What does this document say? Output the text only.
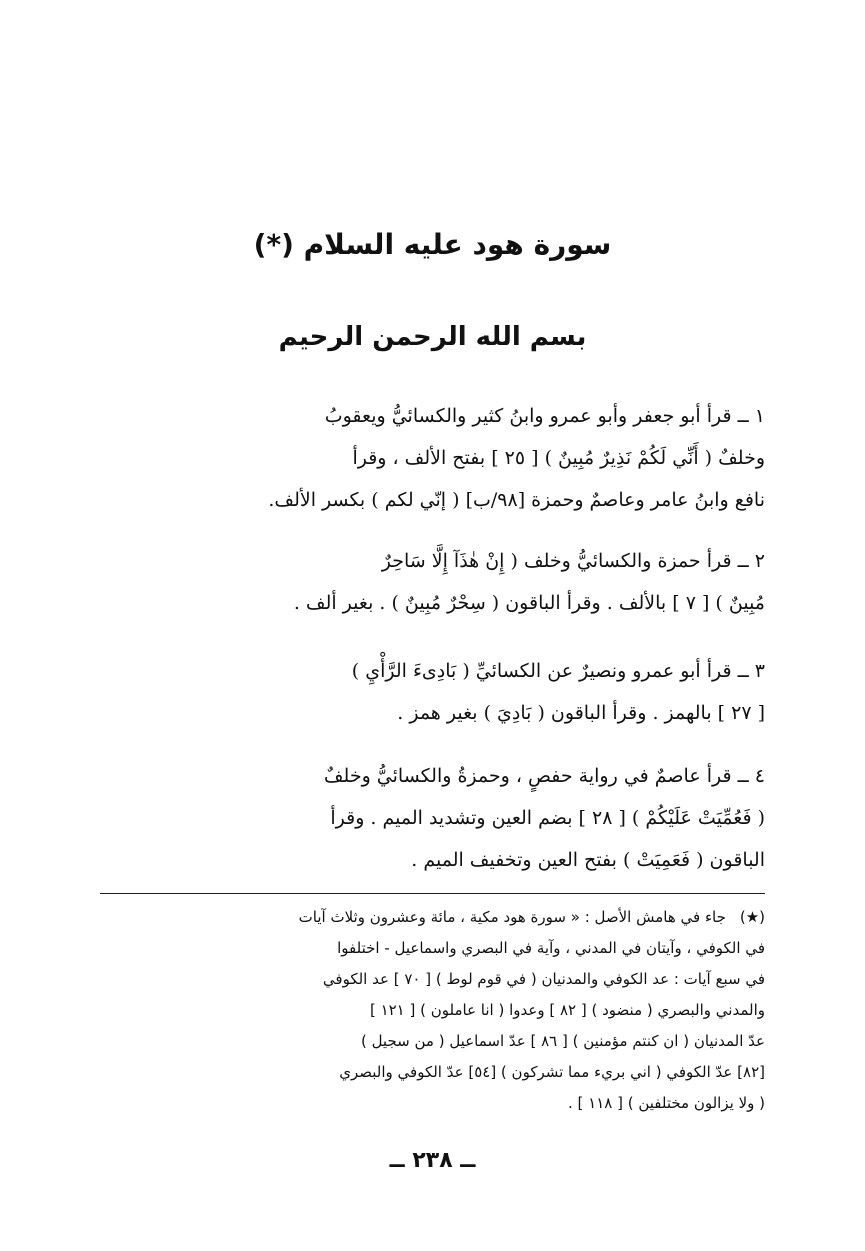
سورة هود عليه السلام (*)
بسم الله الرحمن الرحيم
١ ــ قرأ أبو جعفر وأبو عمرو وابنُ كثير والكسائيُّ ويعقوبُ
وخلفٌ ( أَنِّي لَكُمْ نَذِيرٌ مُبِينٌ ) [ ٢٥ ] بفتح الألف ، وقرأ
نافع وابنُ عامر وعاصمٌ وحمزة [٩٨/ب] ( إنّي لكم ) بكسر الألف.
٢ ــ قرأ حمزة والكسائيُّ وخلف ( إِنْ هٰذَآ إِلَّا سَاحِرٌ
مُبِينٌ ) [ ٧ ] بالألف . وقرأ الباقون ( سِحْرٌ مُبِينٌ ) . بغير ألف .
٣ ــ قرأ أبو عمرو ونصيرٌ عن الكسائيِّ ( بَادِىءَ الرَّأْيِ )
[ ٢٧ ] بالهمز . وقرأ الباقون ( بَادِيَ ) بغير همز .
٤ ــ قرأ عاصمٌ في رواية حفصٍ ، وحمزةُ والكسائيُّ وخلفٌ
( فَعُمِّيَتْ عَلَيْكُمْ ) [ ٢٨ ] بضم العين وتشديد الميم . وقرأ
الباقون ( فَعَمِيَتْ ) بفتح العين وتخفيف الميم .
(★)جاء في هامش الأصل : « سورة هود مكية ، مائة وعشرون وثلاث آيات
في الكوفي ، وآيتان في المدني ، وآية في البصري واسماعيل - اختلفوا
في سبع آيات : عد الكوفي والمدنيان ( في قوم لوط ) [ ٧٠ ] عد الكوفي
والمدني والبصري ( منضود ) [ ٨٢ ] وعدوا ( انا عاملون ) [ ١٢١ ]
عدّ المدنيان ( ان كنتم مؤمنين ) [ ٨٦ ] عدّ اسماعيل ( من سجيل )
[٨٢] عدّ الكوفي ( اني بريء مما تشركون ) [٥٤] عدّ الكوفي والبصري
( ولا يزالون مختلفين ) [ ١١٨ ] .
ــ ٢٣٨ ــ
